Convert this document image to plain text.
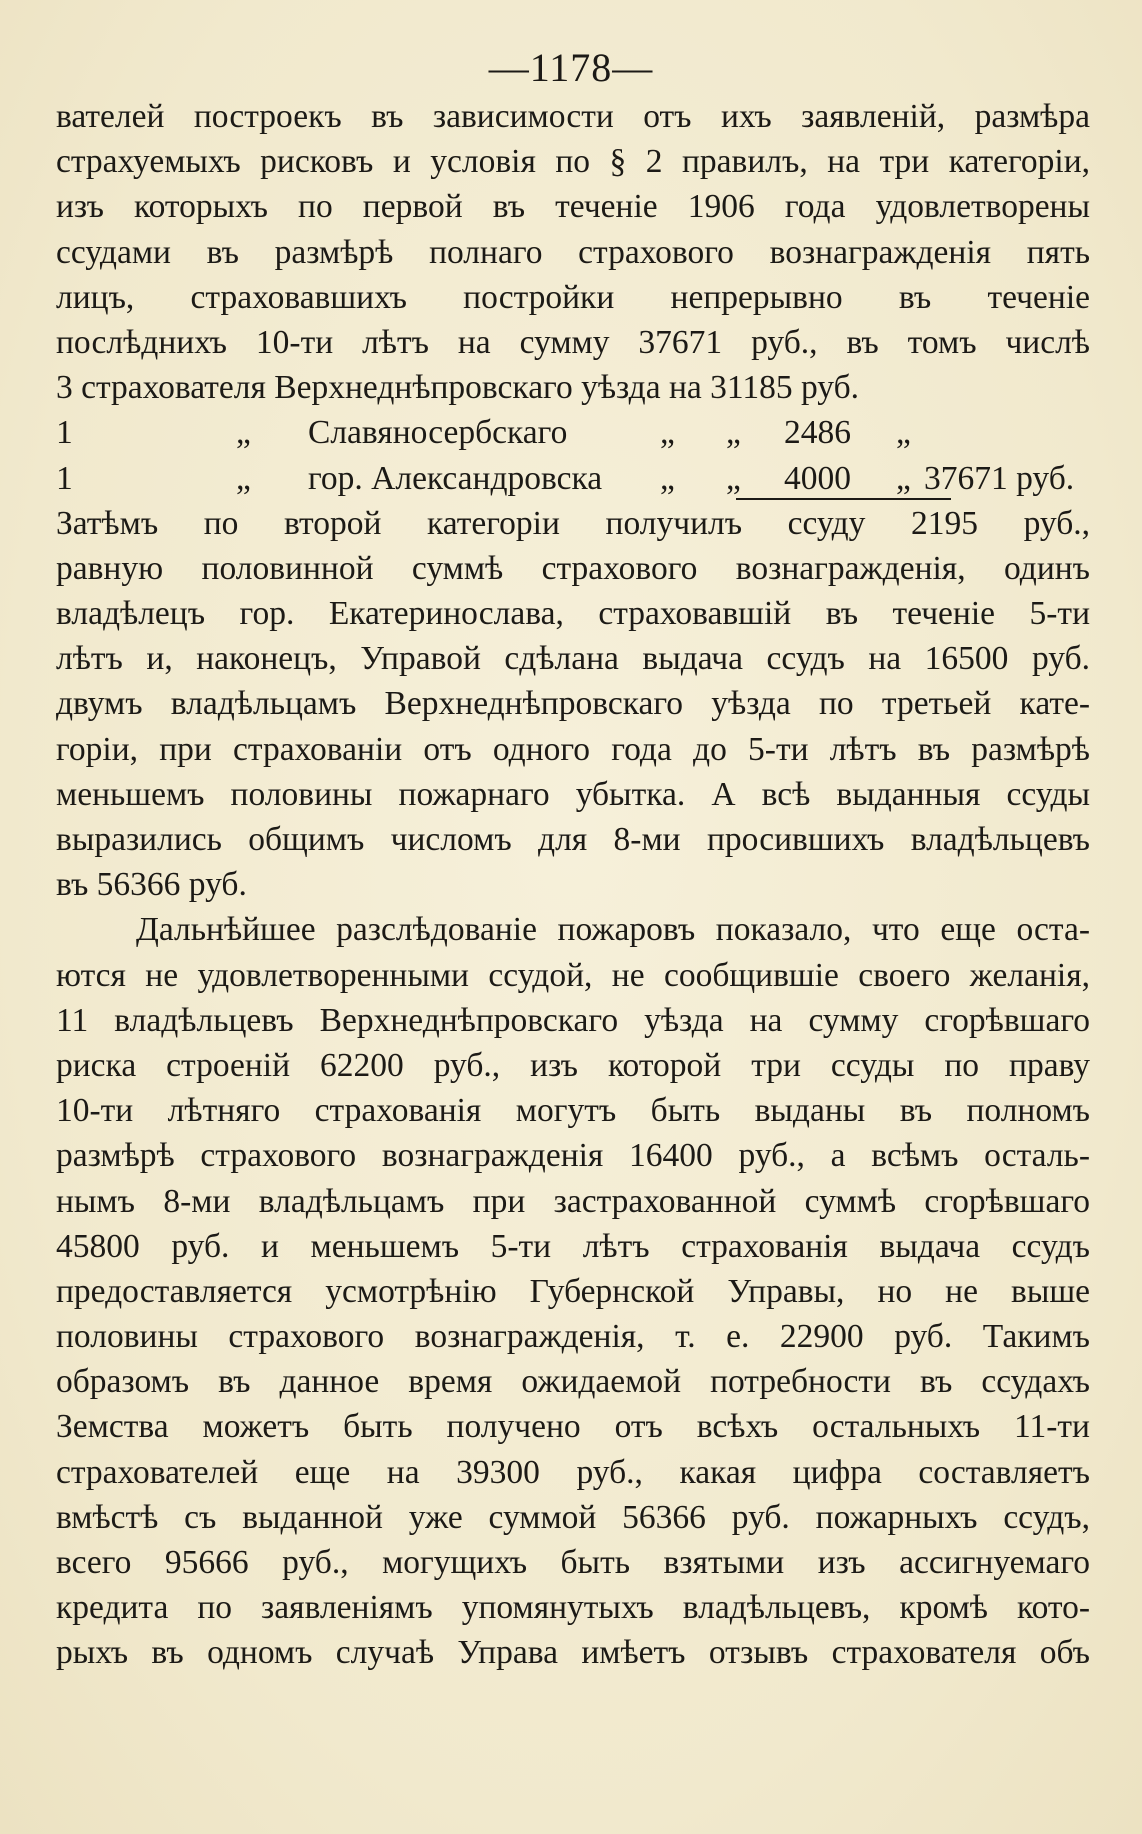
—1178—
вателей построекъ въ зависимости отъ ихъ заявленій, размѣра
страхуемыхъ рисковъ и условія по § 2 правилъ, на три категоріи,
изъ которыхъ по первой въ теченіе 1906 года удовлетворены
ссудами въ размѣрѣ полнаго страхового вознагражденія пять
лицъ, страховавшихъ постройки непрерывно въ теченіе
послѣднихъ 10-ти лѣтъ на сумму 37671 руб., въ томъ числѣ
3 страхователя Верхнеднѣпровскаго уѣзда на 31185 руб.
1	„ Славяносербскаго	„ „ 2486 „
1	„ гор. Александровска „ „ 4000 „ 37671 руб.
Затѣмъ по второй категоріи получилъ ссуду 2195 руб.,
равную половинной суммѣ страхового вознагражденія, одинъ
владѣлецъ гор. Екатеринослава, страховавшій въ теченіе 5-ти
лѣтъ и, наконецъ, Управой сдѣлана выдача ссудъ на 16500 руб.
двумъ владѣльцамъ Верхнеднѣпровскаго уѣзда по третьей кате-
горіи, при страхованіи отъ одного года до 5-ти лѣтъ въ размѣрѣ
меньшемъ половины пожарнаго убытка. А всѣ выданныя ссуды
выразились общимъ числомъ для 8-ми просившихъ владѣльцевъ
въ 56366 руб.
Дальнѣйшее разслѣдованіе пожаровъ показало, что еще оста-
ются не удовлетворенными ссудой, не сообщившіе своего желанія,
11 владѣльцевъ Верхнеднѣпровскаго уѣзда на сумму сгорѣвшаго
риска строеній 62200 руб., изъ которой три ссуды по праву
10-ти лѣтняго страхованія могутъ быть выданы въ полномъ
размѣрѣ страхового вознагражденія 16400 руб., а всѣмъ осталь-
нымъ 8-ми владѣльцамъ при застрахованной суммѣ сгорѣвшаго
45800 руб. и меньшемъ 5-ти лѣтъ страхованія выдача ссудъ
предоставляется усмотрѣнію Губернской Управы, но не выше
половины страхового вознагражденія, т. е. 22900 руб. Такимъ
образомъ въ данное время ожидаемой потребности въ ссудахъ
Земства можетъ быть получено отъ всѣхъ остальныхъ 11-ти
страхователей еще на 39300 руб., какая цифра составляетъ
вмѣстѣ съ выданной уже суммой 56366 руб. пожарныхъ ссудъ,
всего 95666 руб., могущихъ быть взятыми изъ ассигнуемаго
кредита по заявленіямъ упомянутыхъ владѣльцевъ, кромѣ кото-
рыхъ въ одномъ случаѣ Управа имѣетъ отзывъ страхователя объ
